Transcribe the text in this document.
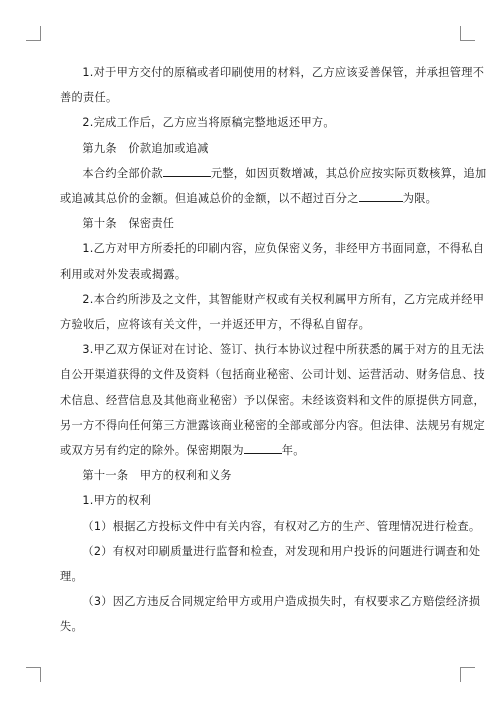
1.对于甲方交付的原稿或者印刷使用的材料，乙方应该妥善保管，并承担管理不
善的责任。
2.完成工作后，乙方应当将原稿完整地返还甲方。
第九条　价款追加或追减
本合约全部价款	元整，如因页数增减，其总价应按实际页数核算，追加
或追减其总价的金额。但追减总价的金额，以不超过百分之	为限。
第十条　保密责任
1.乙方对甲方所委托的印刷内容，应负保密义务，非经甲方书面同意，不得私自
利用或对外发表或揭露。
2.本合约所涉及之文件，其智能财产权或有关权利属甲方所有，乙方完成并经甲
方验收后，应将该有关文件，一并返还甲方，不得私自留存。
3.甲乙双方保证对在讨论、签订、执行本协议过程中所获悉的属于对方的且无法
自公开渠道获得的文件及资料（包括商业秘密、公司计划、运营活动、财务信息、技
术信息、经营信息及其他商业秘密）予以保密。未经该资料和文件的原提供方同意，
另一方不得向任何第三方泄露该商业秘密的全部或部分内容。但法律、法规另有规定
或双方另有约定的除外。保密期限为	年。
第十一条　甲方的权利和义务
1.甲方的权利
（1）根据乙方投标文件中有关内容，有权对乙方的生产、管理情况进行检查。
（2）有权对印刷质量进行监督和检查，对发现和用户投诉的问题进行调查和处
理。
（3）因乙方违反合同规定给甲方或用户造成损失时，有权要求乙方赔偿经济损
失。
